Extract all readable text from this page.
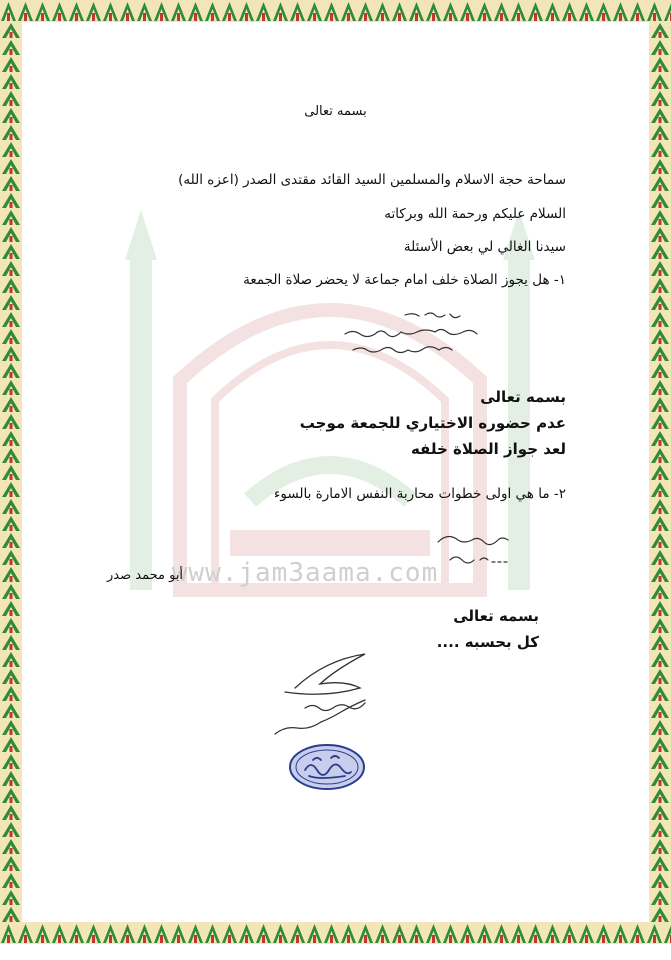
www.jam3aama.com
بسمه تعالى
سماحة حجة الاسلام والمسلمين السيد القائد مقتدى الصدر (اعزه الله)
السلام عليكم ورحمة الله وبركاته
سيدنا الغالي لي بعض الأسئلة
١- هل يجوز الصلاة خلف امام جماعة لا يحضر صلاة الجمعة
بسمه تعالى
عدم حضوره الاختياري للجمعة موجب
لعد جواز الصلاة خلفه
٢- ما هي اولى خطوات محاربة النفس الامارة بالسوء
أبو محمد صدر
بسمه تعالى
كل بحسبه ....
